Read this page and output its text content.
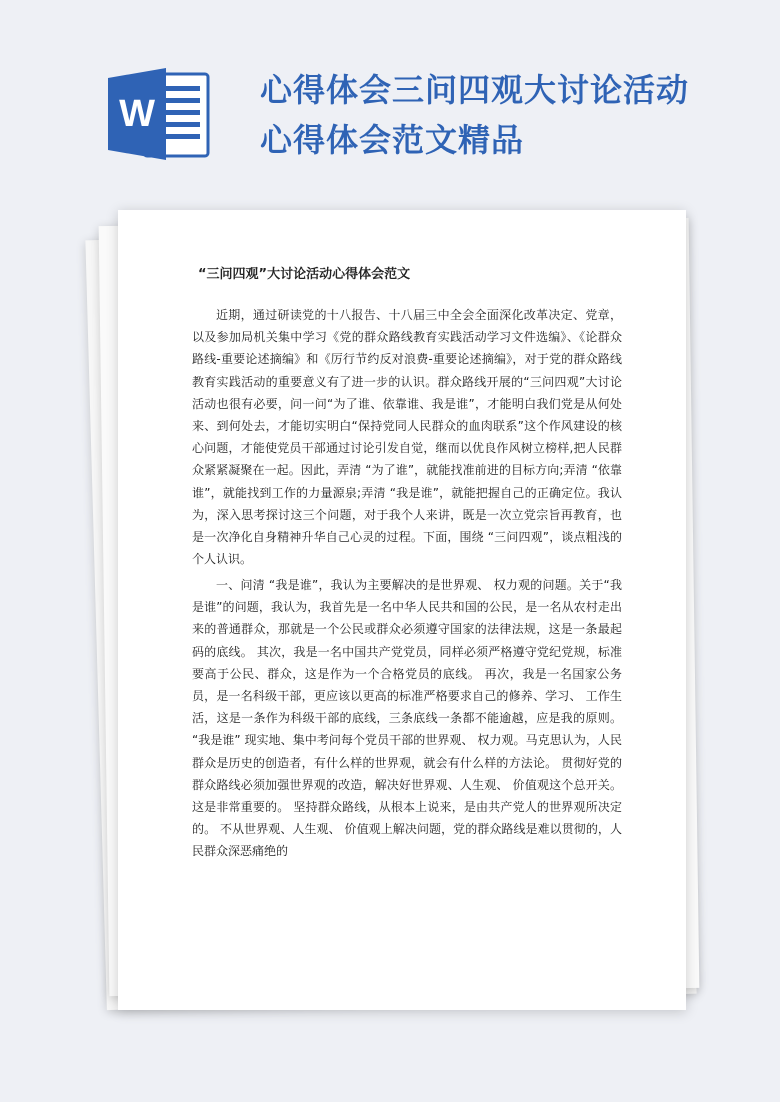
W
心得体会三问四观大讨论活动
心得体会范文精品
“三问四观”大讨论活动心得体会范文

近期，通过研读党的十八报告、十八届三中全会全面深化改革决定、党章，以及参加局机关集中学习《党的群众路线教育实践活动学习文件选编》、《论群众路线-重要论述摘编》和《厉行节约反对浪费-重要论述摘编》，对于党的群众路线教育实践活动的重要意义有了进一步的认识。群众路线开展的“三问四观”大讨论活动也很有必要，问一问“为了谁、依靠谁、我是谁”，才能明白我们党是从何处来、到何处去，才能切实明白“保持党同人民群众的血肉联系”这个作风建设的核心问题，才能使党员干部通过讨论引发自觉，继而以优良作风树立榜样,把人民群众紧紧凝聚在一起。因此，弄清 “为了谁”，就能找准前进的目标方向;弄清 “依靠谁”，就能找到工作的力量源泉;弄清 “我是谁”，就能把握自己的正确定位。我认为，深入思考探讨这三个问题，对于我个人来讲，既是一次立党宗旨再教育，也是一次净化自身精神升华自己心灵的过程。下面，围绕 “三问四观”，谈点粗浅的个人认识。

一、问清 “我是谁”，我认为主要解决的是世界观、 权力观的问题。关于“我是谁”的问题，我认为，我首先是一名中华人民共和国的公民，是一名从农村走出来的普通群众，那就是一个公民或群众必须遵守国家的法律法规，这是一条最起码的底线。 其次，我是一名中国共产党党员，同样必须严格遵守党纪党规，标准要高于公民、群众，这是作为一个合格党员的底线。 再次，我是一名国家公务员，是一名科级干部，更应该以更高的标准严格要求自己的修养、学习、 工作生活，这是一条作为科级干部的底线，三条底线一条都不能逾越，应是我的原则。 “我是谁” 现实地、集中考问每个党员干部的世界观、 权力观。马克思认为，人民群众是历史的创造者，有什么样的世界观，就会有什么样的方法论。 贯彻好党的群众路线必须加强世界观的改造，解决好世界观、人生观、 价值观这个总开关。这是非常重要的。 坚持群众路线，从根本上说来，是由共产党人的世界观所决定的。 不从世界观、人生观、 价值观上解决问题，党的群众路线是难以贯彻的，人民群众深恶痛绝的
